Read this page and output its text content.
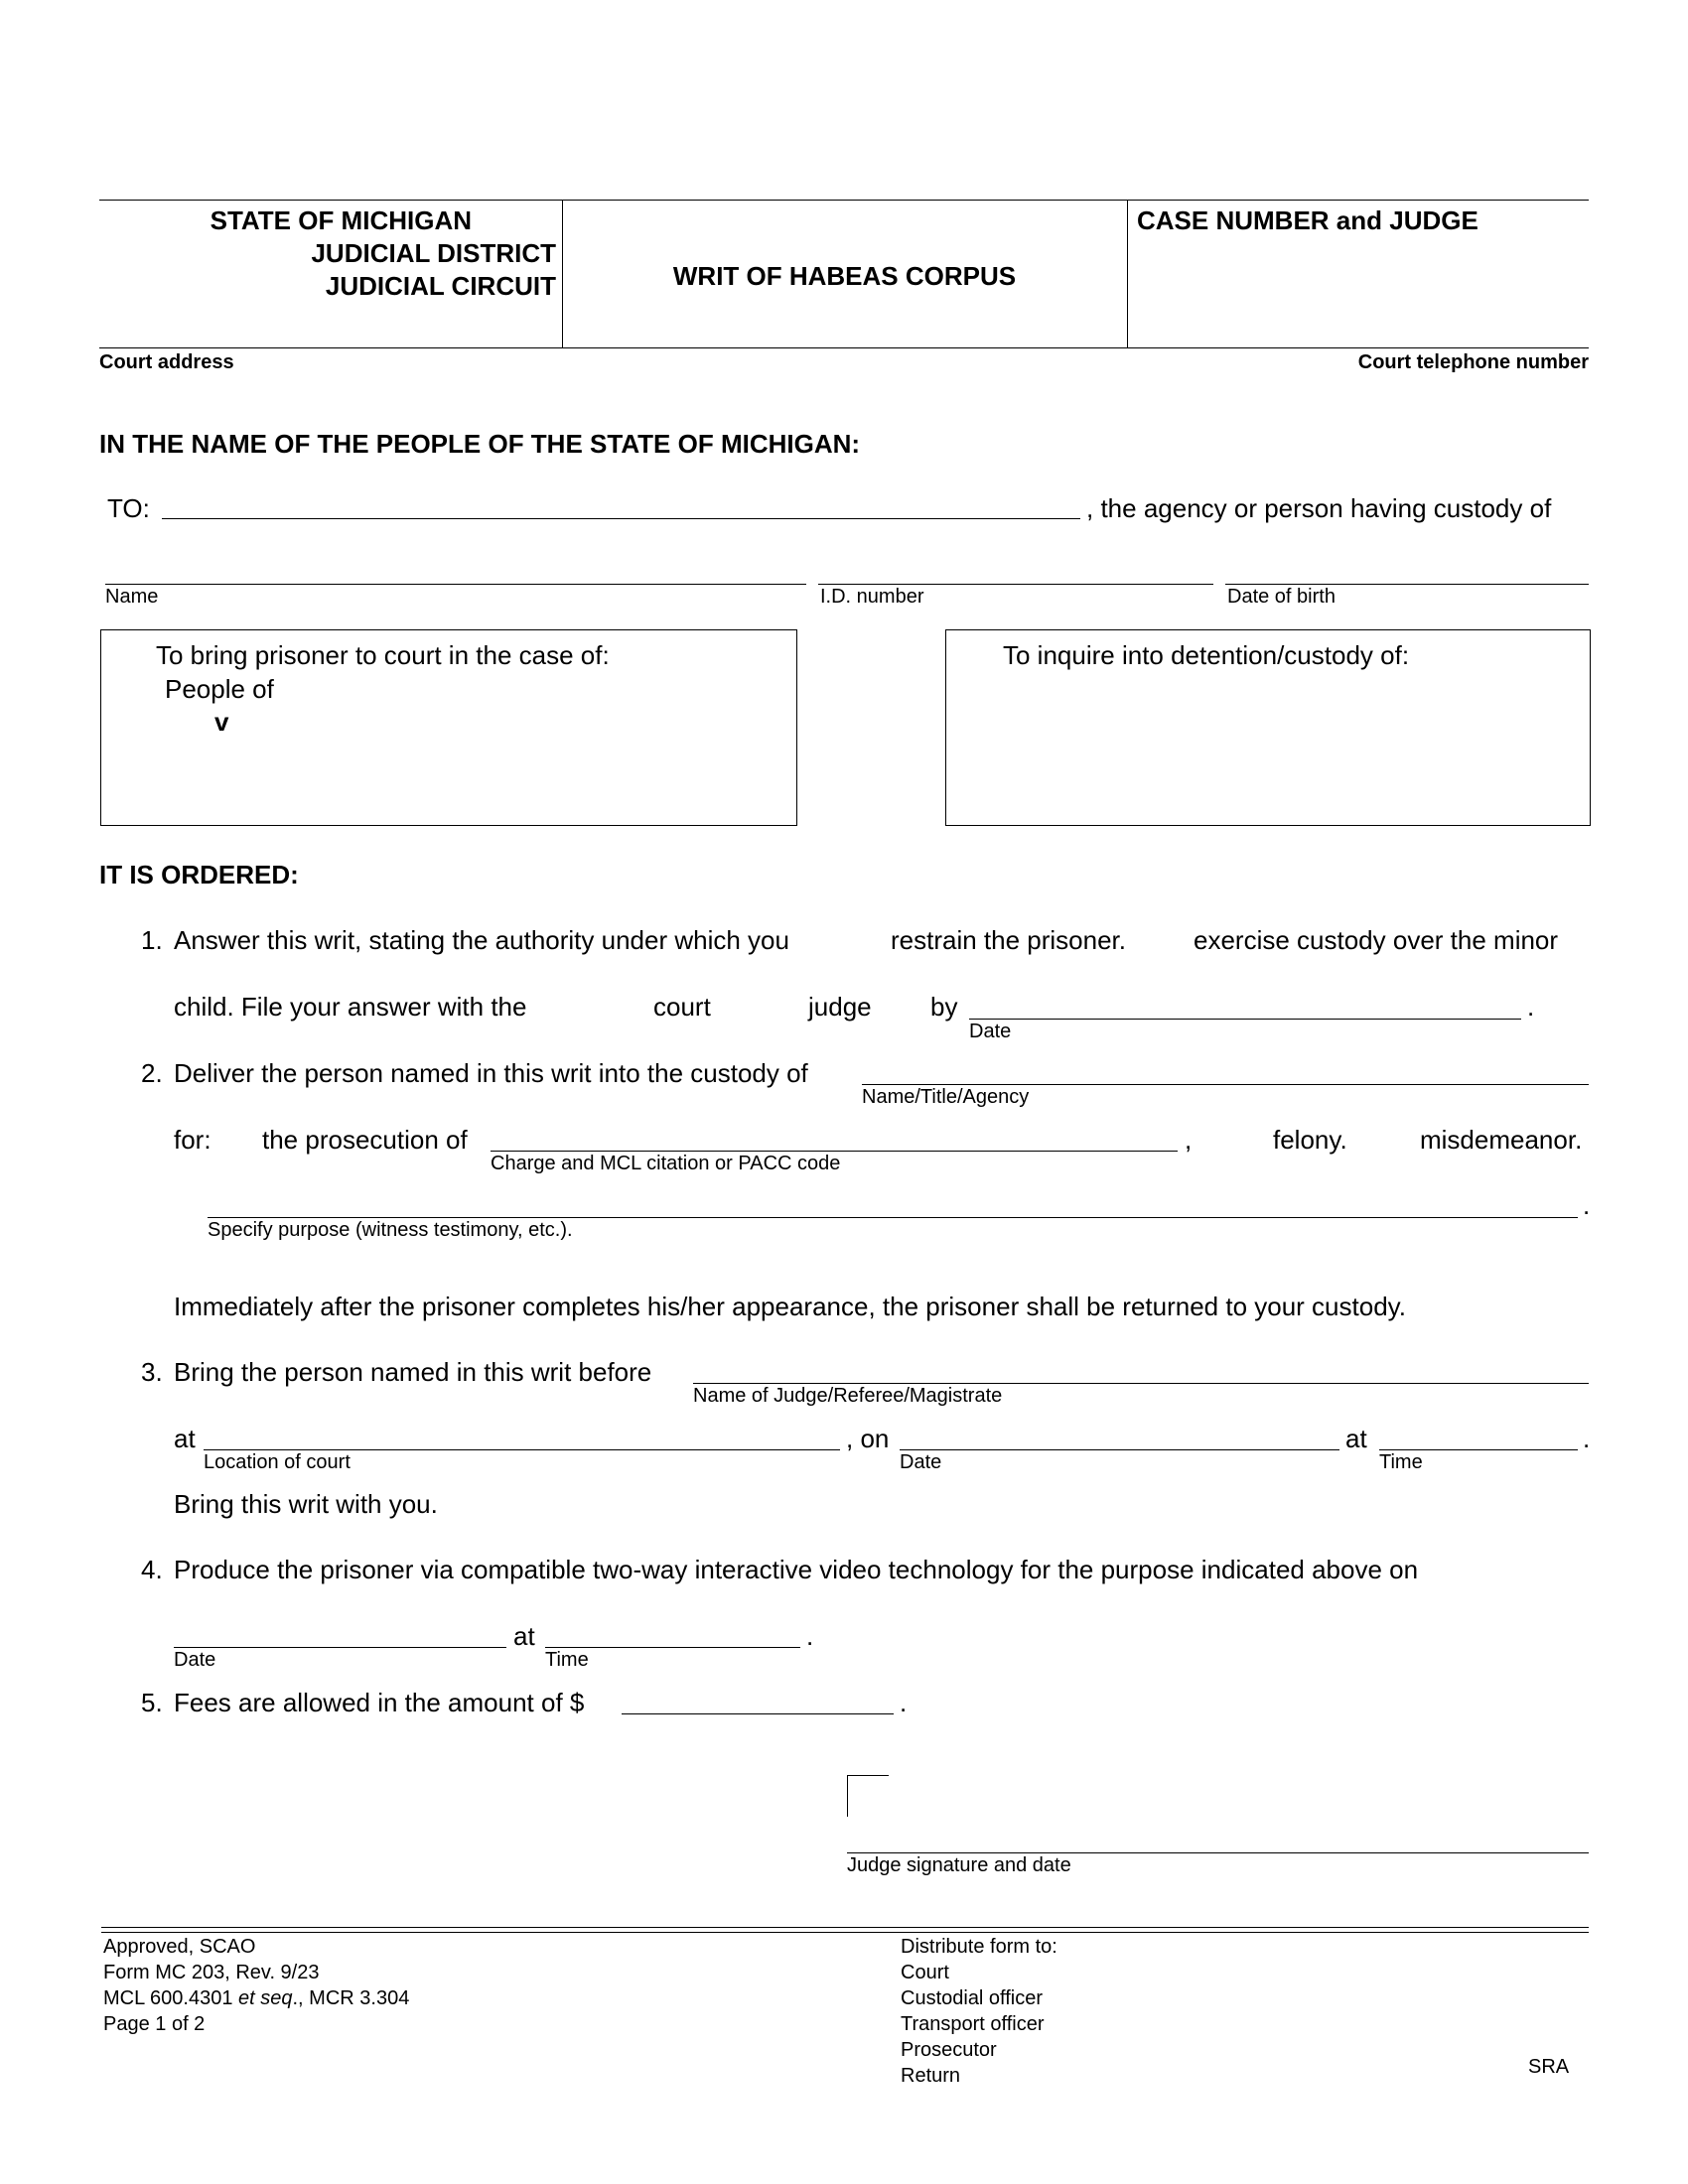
STATE OF MICHIGAN
JUDICIAL DISTRICT
JUDICIAL CIRCUIT	WRIT OF HABEAS CORPUS
CASE NUMBER and JUDGE
Court address	Court telephone number
IN THE NAME OF THE PEOPLE OF THE STATE OF MICHIGAN:
TO:	, the agency or person having custody of
Name	I.D. number	Date of birth
To bring prisoner to court in the case of:
People of
v
To inquire into detention/custody of:
IT IS ORDERED:
1. Answer this writ, stating the authority under which you	restrain the prisoner.	exercise custody over the minor
child. File your answer with the	court	judge by	.
Date
2. Deliver the person named in this writ into the custody of
Name/Title/Agency
for: the prosecution of	,
Charge and MCL citation or PACC code
felony.	misdemeanor.
.
Specify purpose (witness testimony, etc.).
Immediately after the prisoner completes his/her appearance, the prisoner shall be returned to your custody.
3. Bring the person named in this writ before
Name of Judge/Referee/Magistrate
at
Location of court
, on
Date
at
Time
.
Bring this writ with you.
4. Produce the prisoner via compatible two-way interactive video technology for the purpose indicated above on
Date
at
Time
.
5. Fees are allowed in the amount of $	.
Judge signature and date
Approved, SCAO
Form MC 203, Rev. 9/23
MCL 600.4301 et seq., MCR 3.304
Page 1 of 2
Distribute form to:
Court
Custodial officer
Transport officer
Prosecutor
Return	SRA
